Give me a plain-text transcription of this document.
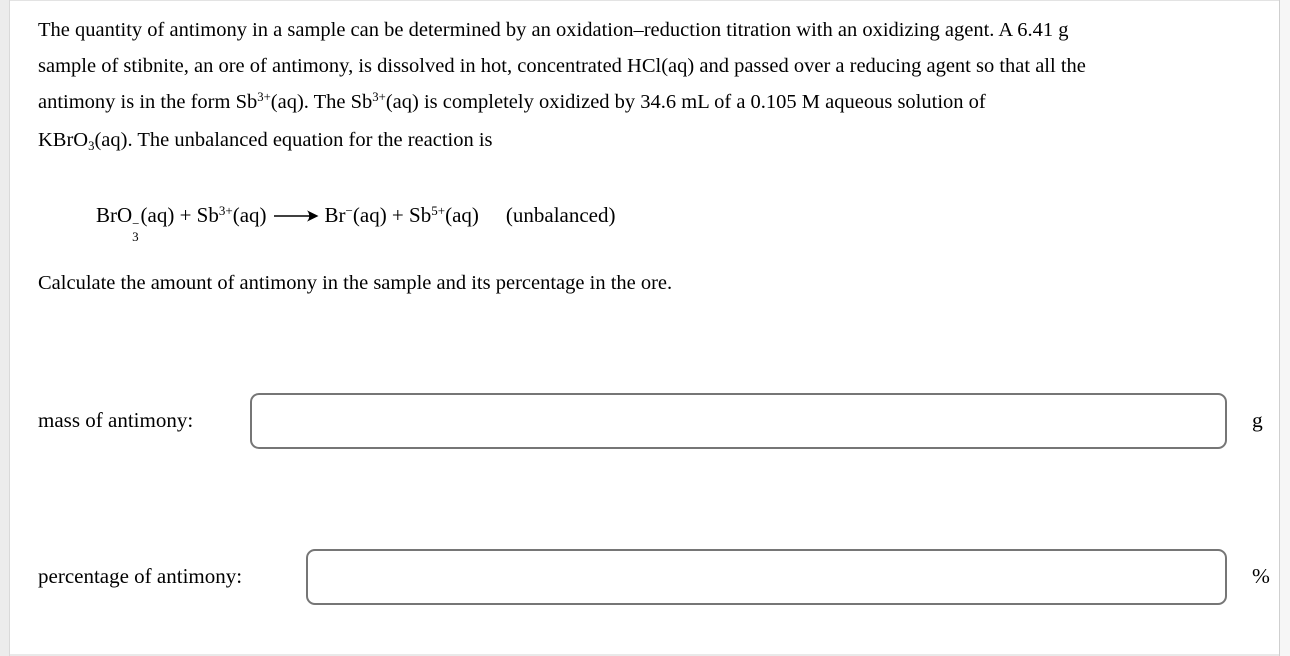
The quantity of antimony in a sample can be determined by an oxidation–reduction titration with an oxidizing agent. A 6.41 g
sample of stibnite, an ore of antimony, is dissolved in hot, concentrated HCl(aq) and passed over a reducing agent so that all the
antimony is in the form $Sb^{3+}(aq)$. The $Sb^{3+}(aq)$ is completely oxidized by 34.6 mL of a 0.105 M aqueous solution of
KBrO$_3$(aq). The unbalanced equation for the reaction is
BrO −
3
$(aq) + Sb^{3+}(aq) \to Br^-(aq) + Sb^{5+}(aq)$ (unbalanced)
Calculate the amount of antimony in the sample and its percentage in the ore.
mass of antimony:	g
percentage of antimony:	%
